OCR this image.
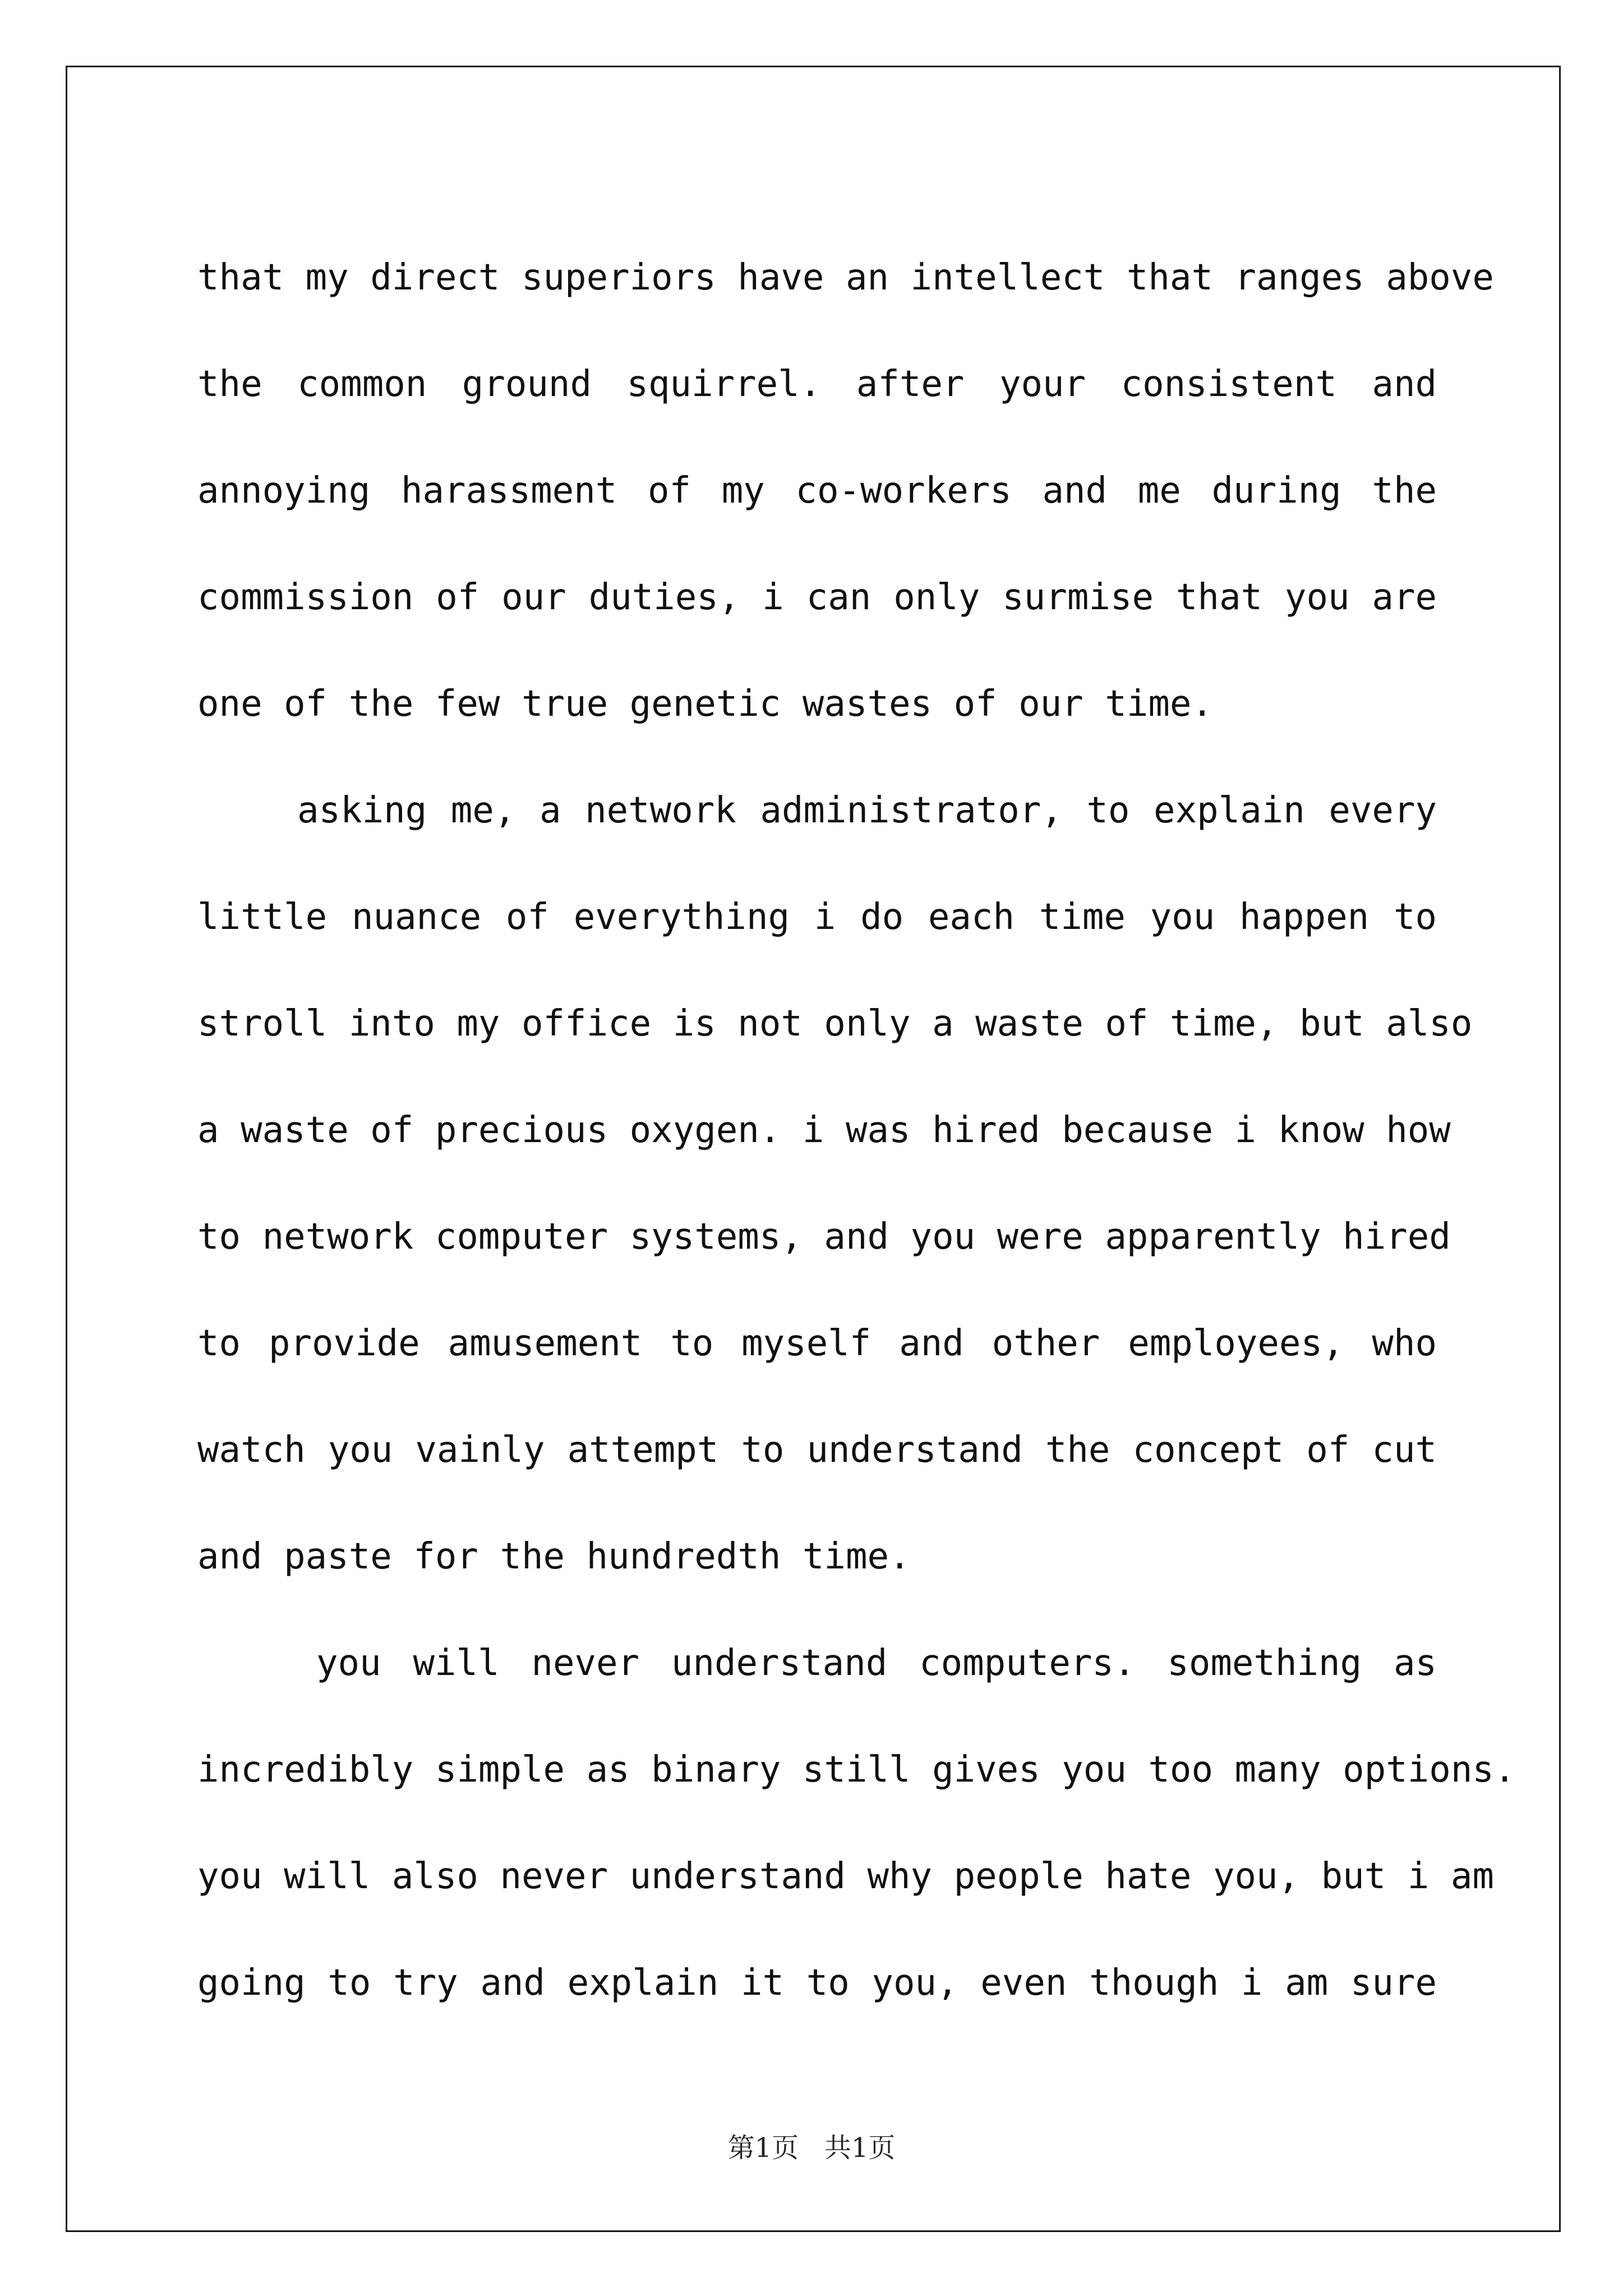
that my direct superiors have an intellect that ranges above
the common ground squirrel. after your consistent and
annoying harassment of my co-workers and me during the
commission of our duties, i can only surmise that you are
one of the few true genetic wastes of our time.
asking me, a network administrator, to explain every
little nuance of everything i do each time you happen to
stroll into my office is not only a waste of time, but also
a waste of precious oxygen. i was hired because i know how
to network computer systems, and you were apparently hired
to provide amusement to myself and other employees, who
watch you vainly attempt to understand the concept of cut
and paste for the hundredth time.
you will never understand computers. something as
incredibly simple as binary still gives you too many options.
you will also never understand why people hate you, but i am
going to try and explain it to you, even though i am sure
第1页 共1页
